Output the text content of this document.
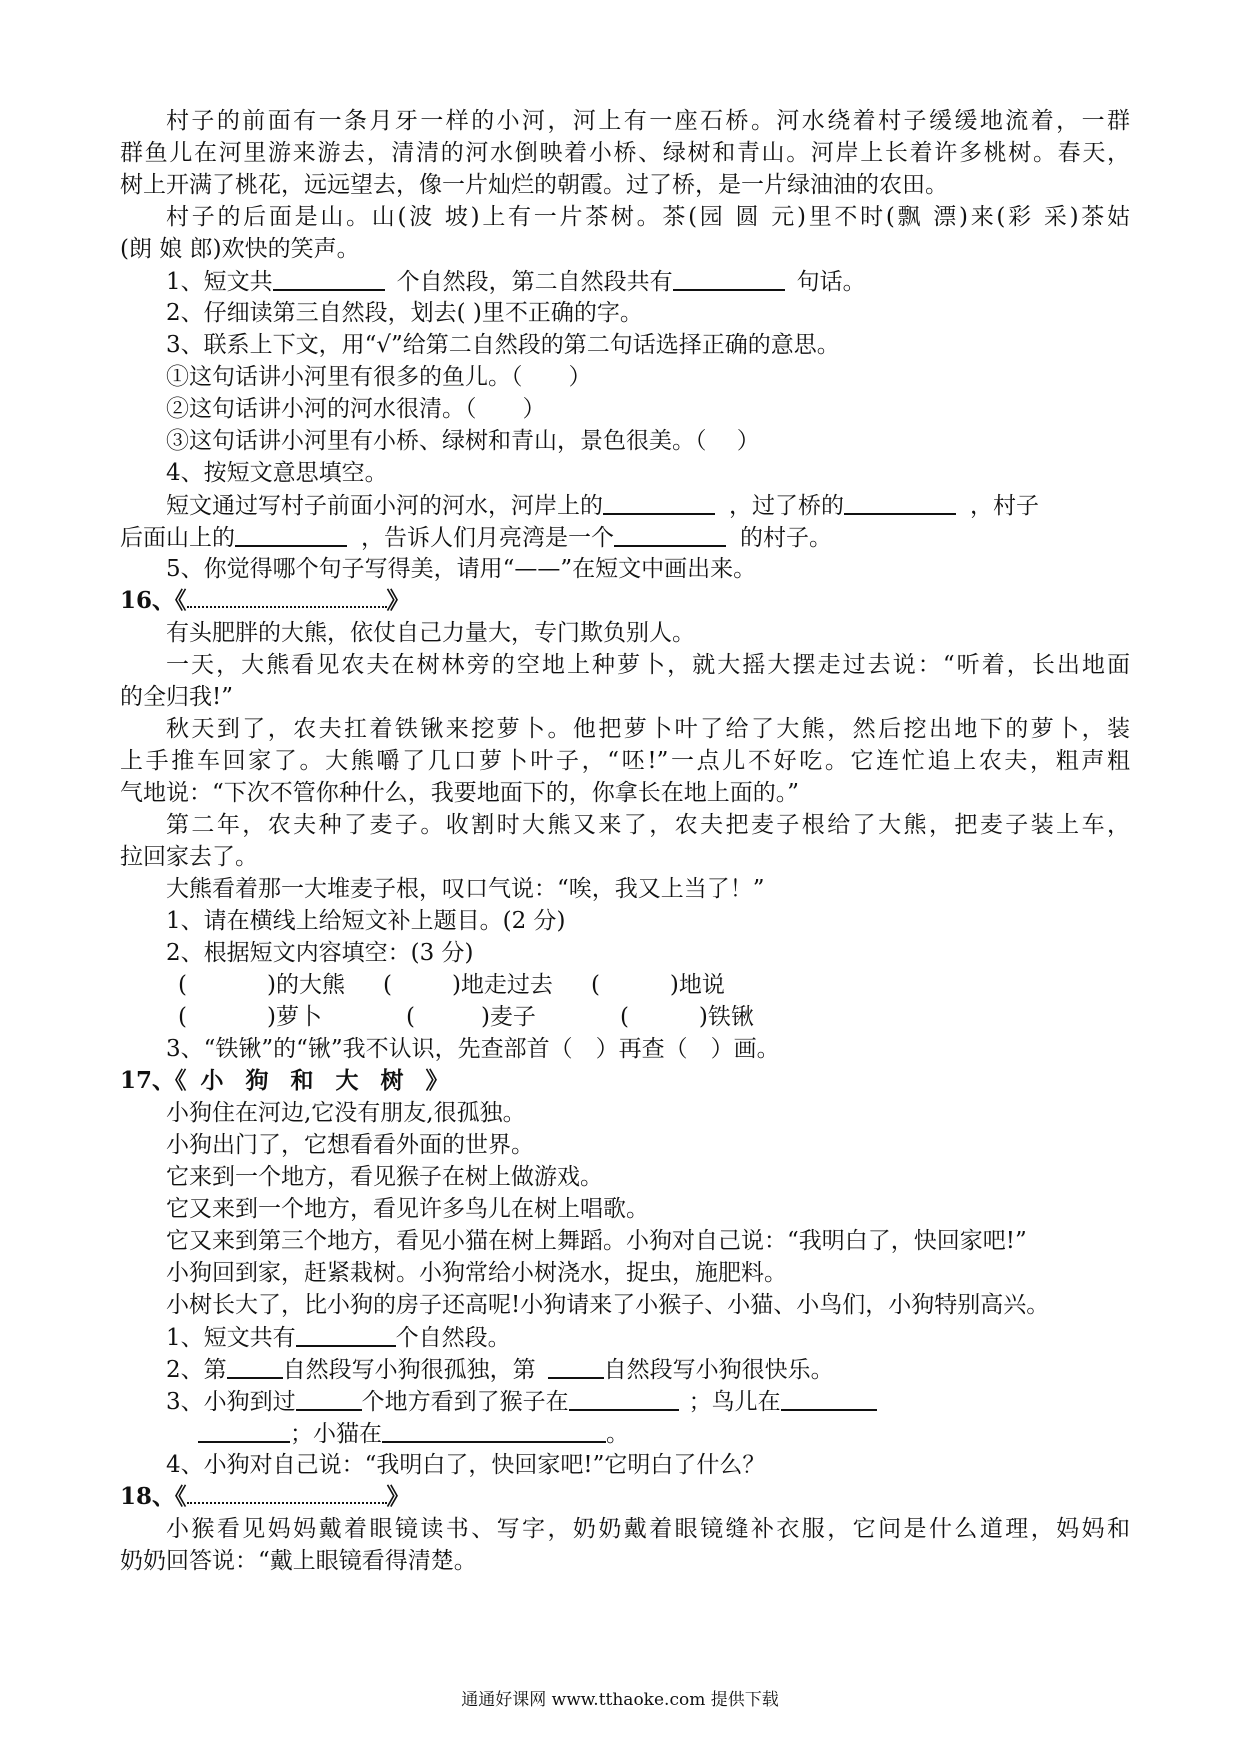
村子的前面有一条月牙一样的小河，河上有一座石桥。河水绕着村子缓缓地流着，一群
群鱼儿在河里游来游去，清清的河水倒映着小桥、绿树和青山。河岸上长着许多桃树。春天，
树上开满了桃花，远远望去，像一片灿烂的朝霞。过了桥，是一片绿油油的农田。
村子的后面是山。山(波 坡)上有一片茶树。茶(园 圆 元)里不时(飘 漂)来(彩 采)茶姑
(朗 娘 郎)欢快的笑声。
1、短文共	个自然段，第二自然段共有	句话。
2、仔细读第三自然段，划去( )里不正确的字。
3、联系上下文，用“√”给第二自然段的第二句话选择正确的意思。
①这句话讲小河里有很多的鱼儿。（　　）
②这句话讲小河的河水很清。（　　）
③这句话讲小河里有小桥、绿树和青山，景色很美。（　 ）
4、按短文意思填空。
短文通过写村子前面小河的河水，河岸上的	，过了桥的	，村子
后面山上的	，告诉人们月亮湾是一个	的村子。
5、你觉得哪个句子写得美，请用“——”在短文中画出来。
16、《	》
有头肥胖的大熊，依仗自己力量大，专门欺负别人。
一天，大熊看见农夫在树林旁的空地上种萝卜，就大摇大摆走过去说：“听着，长出地面
的全归我!”
秋天到了，农夫扛着铁锹来挖萝卜。他把萝卜叶了给了大熊，然后挖出地下的萝卜，装
上手推车回家了。大熊嚼了几口萝卜叶子，“呸!”一点儿不好吃。它连忙追上农夫，粗声粗
气地说：“下次不管你种什么，我要地面下的，你拿长在地上面的。”
第二年，农夫种了麦子。收割时大熊又来了，农夫把麦子根给了大熊，把麦子装上车，
拉回家去了。
大熊看着那一大堆麦子根，叹口气说：“唉，我又上当了！”
1、请在横线上给短文补上题目。(2 分)
2、根据短文内容填空：(3 分)
(	)的大熊 (	)地走过去 (	)地说
(	)萝卜	(	)麦子	(	)铁锹
3、“铁锹”的“锹”我不认识，先查部首（　）再查（　）画。
17、《 小狗和大树》
小狗住在河边,它没有朋友,很孤独。
小狗出门了，它想看看外面的世界。
它来到一个地方，看见猴子在树上做游戏。
它又来到一个地方，看见许多鸟儿在树上唱歌。
它又来到第三个地方，看见小猫在树上舞蹈。小狗对自己说：“我明白了，快回家吧!”
小狗回到家，赶紧栽树。小狗常给小树浇水，捉虫，施肥料。
小树长大了，比小狗的房子还高呢!小狗请来了小猴子、小猫、小鸟们，小狗特别高兴。
1、短文共有	个自然段。
2、第 自然段写小狗很孤独，第	自然段写小狗很快乐。
3、小狗到过	个地方看到了猴子在	；鸟儿在
；小猫在	。
4、小狗对自己说：“我明白了，快回家吧!”它明白了什么？
18、《	》
小猴看见妈妈戴着眼镜读书、写字，奶奶戴着眼镜缝补衣服，它问是什么道理，妈妈和
奶奶回答说：“戴上眼镜看得清楚。
通通好课网 www.tthaoke.com 提供下载
